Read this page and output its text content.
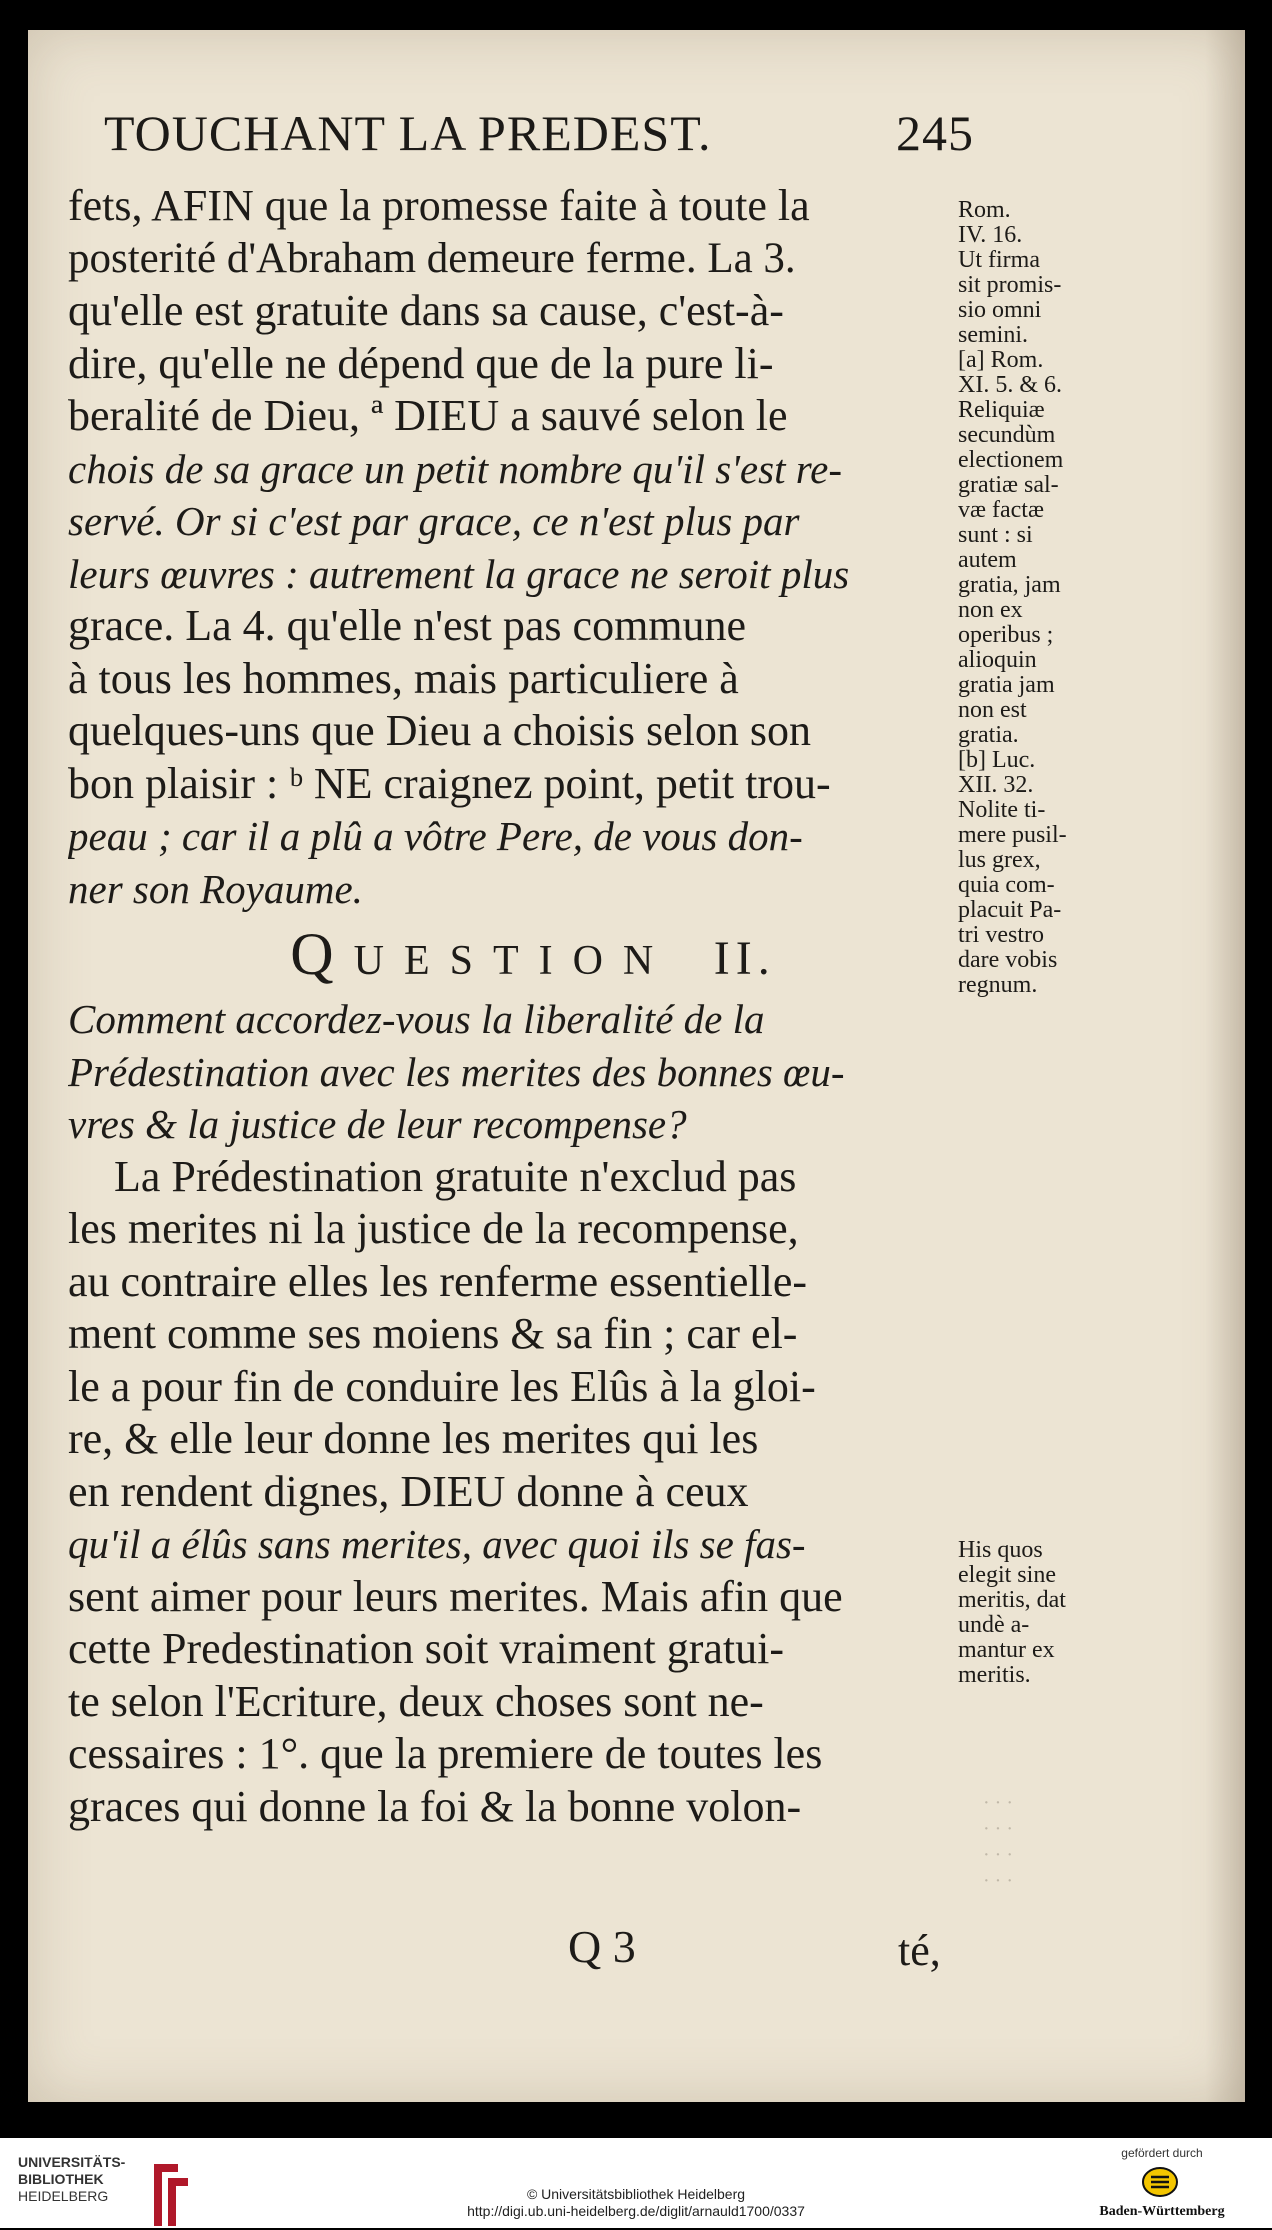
TOUCHANT LA PREDEST.	245
fets, AFIN que la promesse faite à toute la
posterité d'Abraham demeure ferme. La 3.
qu'elle est gratuite dans sa cause, c'est-à-
dire, qu'elle ne dépend que de la pure li-
beralité de Dieu, ª DIEU a sauvé selon le
chois de sa grace un petit nombre qu'il s'est re-
servé. Or si c'est par grace, ce n'est plus par
leurs œuvres : autrement la grace ne seroit plus
grace. La 4. qu'elle n'est pas commune
à tous les hommes, mais particuliere à
quelques-uns que Dieu a choisis selon son
bon plaisir : ᵇ NE craignez point, petit trou-
peau ; car il a plû a vôtre Pere, de vous don-
ner son Royaume.
QUESTION II.
Comment accordez-vous la liberalité de la
Prédestination avec les merites des bonnes œu-
vres & la justice de leur recompense?
La Prédestination gratuite n'exclud pas
les merites ni la justice de la recompense,
au contraire elles les renferme essentielle-
ment comme ses moiens & sa fin ; car el-
le a pour fin de conduire les Elûs à la gloi-
re, & elle leur donne les merites qui les
en rendent dignes, DIEU donne à ceux
qu'il a élûs sans merites, avec quoi ils se fas-
sent aimer pour leurs merites. Mais afin que
cette Predestination soit vraiment gratui-
te selon l'Ecriture, deux choses sont ne-
cessaires : 1°. que la premiere de toutes les
graces qui donne la foi & la bonne volon-
Rom.
IV. 16.
Ut firma
sit promis-
sio omni
semini.
[a] Rom.
XI. 5. & 6.
Reliquiæ
secundùm
electionem
gratiæ sal-
væ factæ
sunt : si
autem
gratia, jam
non ex
operibus ;
alioquin
gratia jam
non est
gratia.
[b] Luc.
XII. 32.
Nolite ti-
mere pusil-
lus grex,
quia com-
placuit Pa-
tri vestro
dare vobis
regnum.
His quos
elegit sine
meritis, dat
undè a-
mantur ex
meritis.
· · ·
· · ·
· · ·
· · ·
Q 3	té,
UNIVERSITÄTS-
BIBLIOTHEK
HEIDELBERG	© Universitätsbibliothek Heidelberg
http://digi.ub.uni-heidelberg.de/diglit/arnauld1700/0337
gefördert durch
Baden-Württemberg
